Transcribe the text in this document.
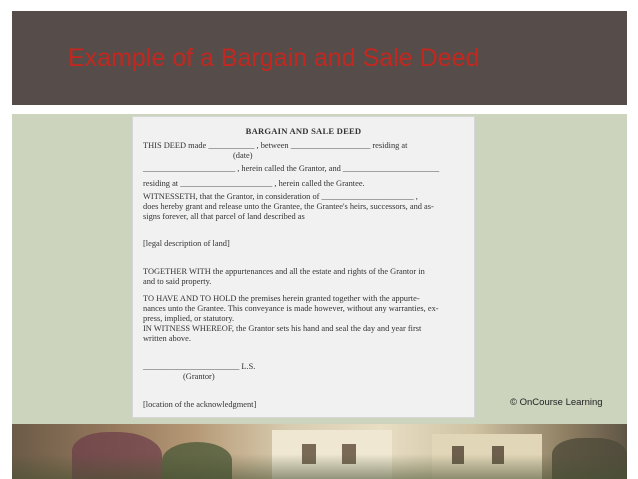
Example of a Bargain and Sale Deed
BARGAIN AND SALE DEED
THIS DEED made ___________ , between ___________________ residing at
(date)
______________________ , herein called the Grantor, and _______________________
residing at ______________________ , herein called the Grantee.
WITNESSETH, that the Grantor, in consideration of ______________________ ,
does hereby grant and release unto the Grantee, the Grantee's heirs, successors, and as-
signs forever, all that parcel of land described as
[legal description of land]
TOGETHER WITH the appurtenances and all the estate and rights of the Grantor in
and to said property.
TO HAVE AND TO HOLD the premises herein granted together with the appurte-
nances unto the Grantee. This conveyance is made however, without any warranties, ex-
press, implied, or statutory.
IN WITNESS WHEREOF, the Grantor sets his hand and seal the day and year first
written above.
_______________________ L.S.
(Grantor)
[location of the acknowledgment]	© OnCourse Learning
